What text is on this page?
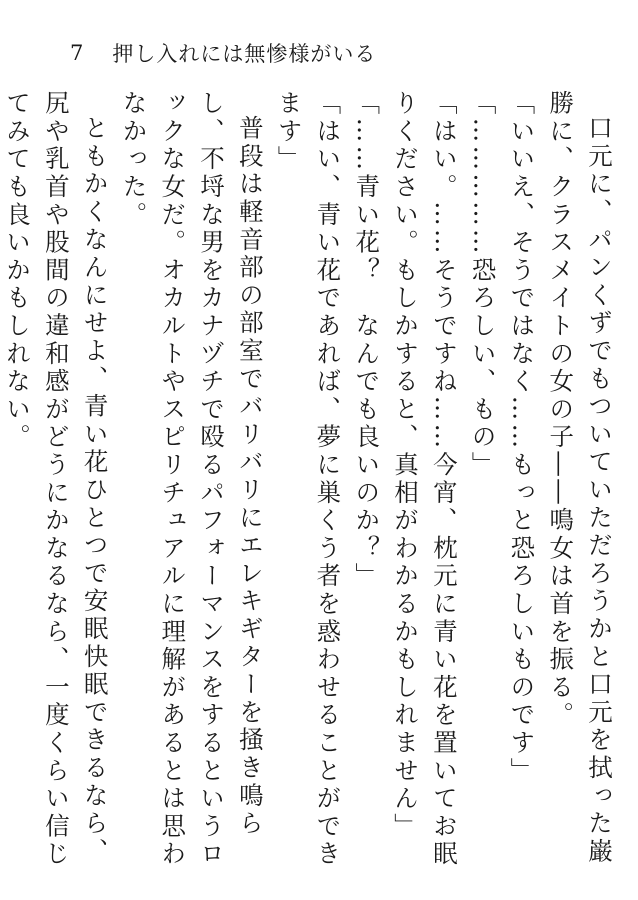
7 押し入れには無惨様がいる

口元に、パンくずでもついていただろうかと口元を拭った巌勝に、クラスメイトの女の子――鳴女は首を振る。

「いいえ、そうではなく……もっと恐ろしいものです」

「……………恐ろしい、もの」

「はい。……そうですね……今宵、枕元に青い花を置いてお眠りください。もしかすると、真相がわかるかもしれません」

「……青い花？　なんでも良いのか？」

「はい、青い花であれば、夢に巣くう者を惑わせることができます」

普段は軽音部の部室でバリバリにエレキギターを掻き鳴らし、不埒な男をカナヅチで殴るパフォーマンスをするというロックな女だ。オカルトやスピリチュアルに理解があるとは思わなかった。

ともかくなんにせよ、青い花ひとつで安眠快眠できるなら、尻や乳首や股間の違和感がどうにかなるなら、一度くらい信じてみても良いかもしれない。
